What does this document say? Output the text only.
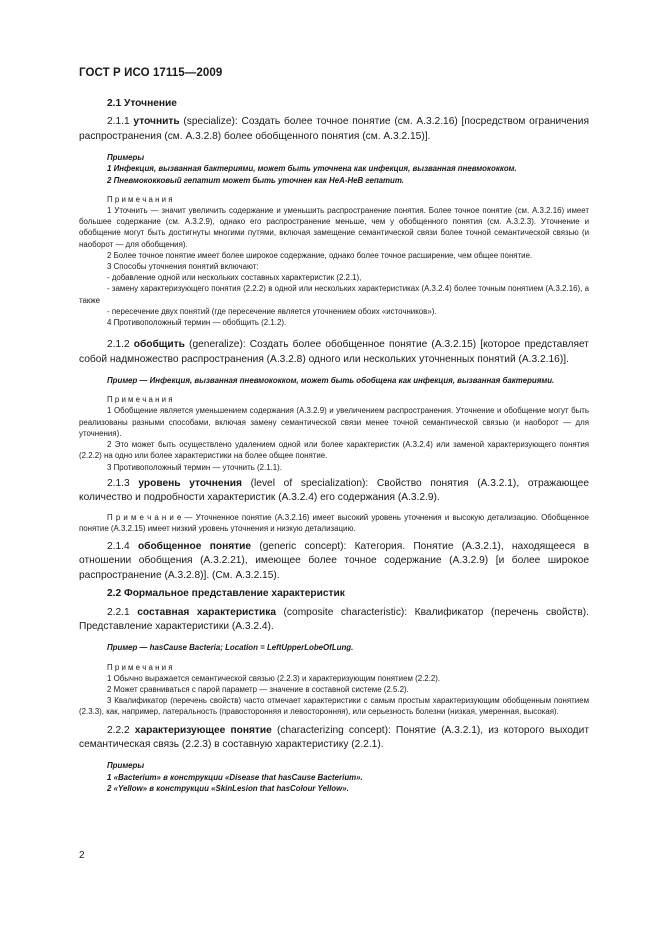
ГОСТ Р ИСО 17115—2009

2.1 Уточнение

2.1.1 уточнить (specialize): Создать более точное понятие (см. А.3.2.16) [посредством ограничения распространения (см. А.3.2.8) более обобщенного понятия (см. А.3.2.15)].

Примеры

1 Инфекция, вызванная бактериями, может быть уточнена как инфекция, вызванная пневмококком.

2 Пневмококковый гепатит может быть уточнен как НеА-НеВ гепатит.

П р и м е ч а н и я

1 Уточнить — значит увеличить содержание и уменьшить распространение понятия. Более точное понятие (см. А.3.2.16) имеет большее содержание (см. А.3.2.9), однако его распространение меньше, чем у обобщенного понятия (см. А.3.2.3). Уточнение и обобщение могут быть достигнуты многими путями, включая замещение семантической связи более точной семантической связью (и наоборот — для обобщения).

2 Более точное понятие имеет более широкое содержание, однако более точное расширение, чем общее понятие.

3 Способы уточнения понятий включают:

- добавление одной или нескольких составных характеристик (2.2.1),

- замену характеризующего понятия (2.2.2) в одной или нескольких характеристиках (А.3.2.4) более точным понятием (А.3.2.16), а также

- пересечение двух понятий (где пересечение является уточнением обоих «источников»).

4 Противоположный термин — обобщить (2.1.2).

2.1.2 обобщить (generalize): Создать более обобщенное понятие (А.3.2.15) [которое представляет собой надмножество распространения (А.3.2.8) одного или нескольких уточненных понятий (А.3.2.16)].

Пример — Инфекция, вызванная пневмококком, может быть обобщена как инфекция, вызванная бактериями.

П р и м е ч а н и я

1 Обобщение является уменьшением содержания (А.3.2.9) и увеличением распространения. Уточнение и обобщение могут быть реализованы разными способами, включая замену семантической связи менее точной семантической связью (и наоборот — для уточнения).

2 Это может быть осуществлено удалением одной или более характеристик (А.3.2.4) или заменой характеризующего понятия (2.2.2) на одно или более характеристики на более общее понятие.

3 Противоположный термин — уточнить (2.1.1).

2.1.3 уровень уточнения (level of specialization): Свойство понятия (А.3.2.1), отражающее количество и подробности характеристик (А.3.2.4) его содержания (А.3.2.9).

П р и м е ч а н и е — Уточненное понятие (А.3.2.16) имеет высокий уровень уточнения и высокую детализацию. Обобщенное понятие (А.3.2.15) имеет низкий уровень уточнения и низкую детализацию.

2.1.4 обобщенное понятие (generic concept): Категория. Понятие (А.3.2.1), находящееся в отношении обобщения (А.3.2.21), имеющее более точное содержание (А.3.2.9) [и более широкое распространение (А.3.2.8)]. (См. А.3.2.15).

2.2 Формальное представление характеристик

2.2.1 составная характеристика (composite characteristic): Квалификатор (перечень свойств). Представление характеристики (А.3.2.4).

Пример — hasCause Bacteria; Location = LeftUpperLobeOfLung.

П р и м е ч а н и я

1 Обычно выражается семантической связью (2.2.3) и характеризующим понятием (2.2.2).

2 Может сравниваться с парой параметр — значение в составной системе (2.5.2).

3 Квалификатор (перечень свойств) часто отмечает характеристики с самым простым характеризующим обобщенным понятием (2.3.3), как, например, латеральность (правосторонняя и левосторонняя), или серьезность болезни (низкая, умеренная, высокая).

2.2.2 характеризующее понятие (characterizing concept): Понятие (А.3.2.1), из которого выходит семантическая связь (2.2.3) в составную характеристику (2.2.1).

Примеры

1 «Bacterium» в конструкции «Disease that hasCause Bacterium».

2 «Yellow» в конструкции «SkinLesion that hasColour Yellow».

2
